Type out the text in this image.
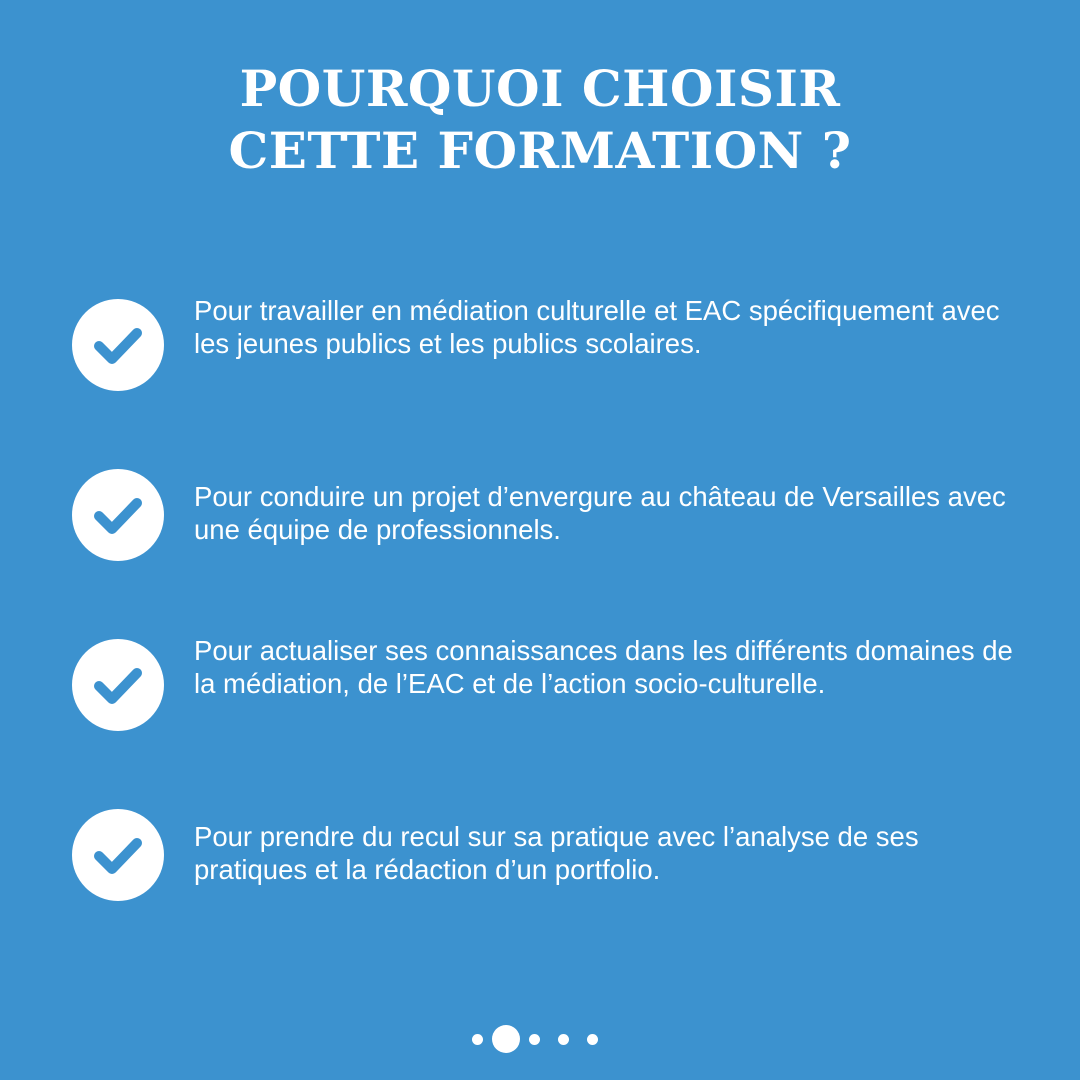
POURQUOI CHOISIR
CETTE FORMATION ?
Pour travailler en médiation culturelle et EAC spécifiquement avec les jeunes publics et les publics scolaires.
Pour conduire un projet d’envergure au château de Versailles avec une équipe de professionnels.
Pour actualiser ses connaissances dans les différents domaines de la médiation, de l’EAC et de l’action socio-culturelle.
Pour prendre du recul sur sa pratique avec l’analyse de ses pratiques et la rédaction d’un portfolio.
